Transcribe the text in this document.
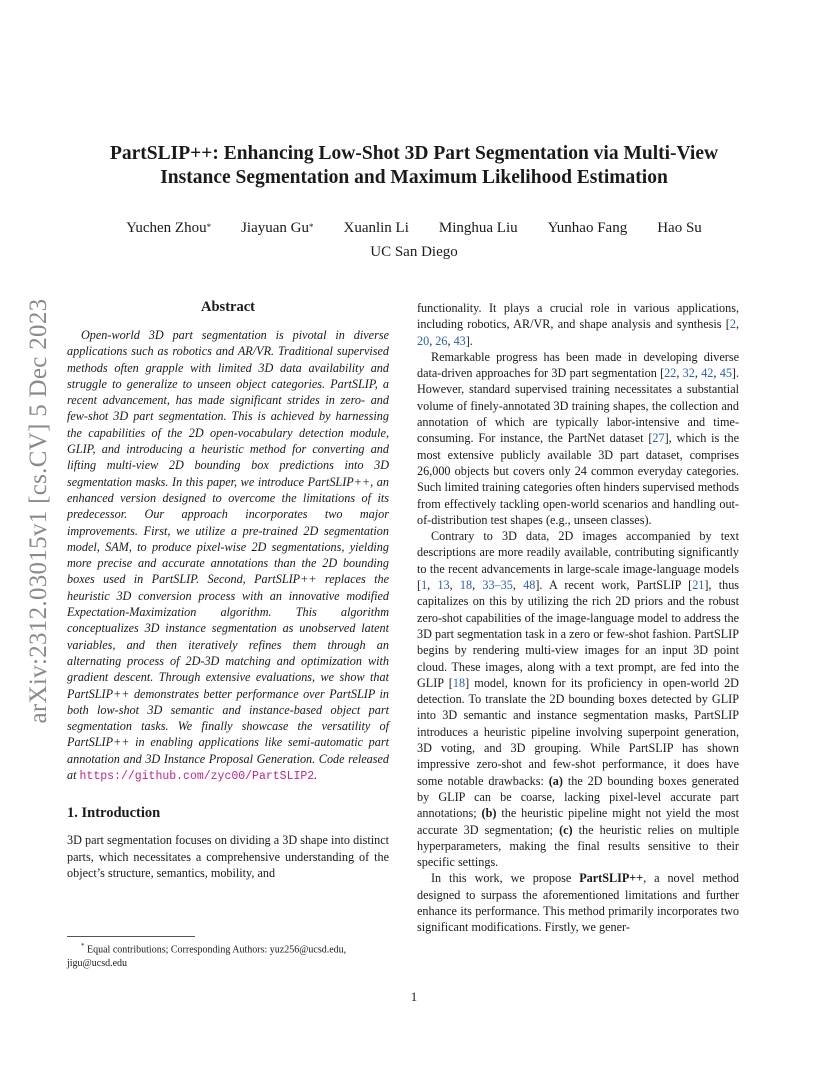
arXiv:2312.03015v1 [cs.CV] 5 Dec 2023
PartSLIP++: Enhancing Low-Shot 3D Part Segmentation via Multi-View
Instance Segmentation and Maximum Likelihood Estimation
Yuchen Zhou* Jiayuan Gu* Xuanlin Li Minghua Liu Yunhao Fang Hao Su
UC San Diego
Abstract

Open-world 3D part segmentation is pivotal in diverse applications such as robotics and AR/VR. Traditional supervised methods often grapple with limited 3D data availability and struggle to generalize to unseen object categories. PartSLIP, a recent advancement, has made significant strides in zero- and few-shot 3D part segmentation. This is achieved by harnessing the capabilities of the 2D open-vocabulary detection module, GLIP, and introducing a heuristic method for converting and lifting multi-view 2D bounding box predictions into 3D segmentation masks. In this paper, we introduce PartSLIP++, an enhanced version designed to overcome the limitations of its predecessor. Our approach incorporates two major improvements. First, we utilize a pre-trained 2D segmentation model, SAM, to produce pixel-wise 2D segmentations, yielding more precise and accurate annotations than the 2D bounding boxes used in PartSLIP. Second, PartSLIP++ replaces the heuristic 3D conversion process with an innovative modified Expectation-Maximization algorithm. This algorithm conceptualizes 3D instance segmentation as unobserved latent variables, and then iteratively refines them through an alternating process of 2D-3D matching and optimization with gradient descent. Through extensive evaluations, we show that PartSLIP++ demonstrates better performance over PartSLIP in both low-shot 3D semantic and instance-based object part segmentation tasks. We finally showcase the versatility of PartSLIP++ in enabling applications like semi-automatic part annotation and 3D Instance Proposal Generation. Code released at https://github.com/zyc00/PartSLIP2.

1. Introduction

3D part segmentation focuses on dividing a 3D shape into distinct parts, which necessitates a comprehensive understanding of the object’s structure, semantics, mobility, and

* Equal contributions; Corresponding Authors: yuz256@ucsd.edu, jigu@ucsd.edu

functionality. It plays a crucial role in various applications, including robotics, AR/VR, and shape analysis and synthesis [2, 20, 26, 43].

Remarkable progress has been made in developing diverse data-driven approaches for 3D part segmentation [22, 32, 42, 45]. However, standard supervised training necessitates a substantial volume of finely-annotated 3D training shapes, the collection and annotation of which are typically labor-intensive and time-consuming. For instance, the PartNet dataset [27], which is the most extensive publicly available 3D part dataset, comprises 26,000 objects but covers only 24 common everyday categories. Such limited training categories often hinders supervised methods from effectively tackling open-world scenarios and handling out-of-distribution test shapes (e.g., unseen classes).

Contrary to 3D data, 2D images accompanied by text descriptions are more readily available, contributing significantly to the recent advancements in large-scale image-language models [1, 13, 18, 33–35, 48]. A recent work, PartSLIP [21], thus capitalizes on this by utilizing the rich 2D priors and the robust zero-shot capabilities of the image-language model to address the 3D part segmentation task in a zero or few-shot fashion. PartSLIP begins by rendering multi-view images for an input 3D point cloud. These images, along with a text prompt, are fed into the GLIP [18] model, known for its proficiency in open-world 2D detection. To translate the 2D bounding boxes detected by GLIP into 3D semantic and instance segmentation masks, PartSLIP introduces a heuristic pipeline involving superpoint generation, 3D voting, and 3D grouping. While PartSLIP has shown impressive zero-shot and few-shot performance, it does have some notable drawbacks: (a) the 2D bounding boxes generated by GLIP can be coarse, lacking pixel-level accurate part annotations; (b) the heuristic pipeline might not yield the most accurate 3D segmentation; (c) the heuristic relies on multiple hyperparameters, making the final results sensitive to their specific settings.

In this work, we propose PartSLIP++, a novel method designed to surpass the aforementioned limitations and further enhance its performance. This method primarily incorporates two significant modifications. Firstly, we gener-

1
